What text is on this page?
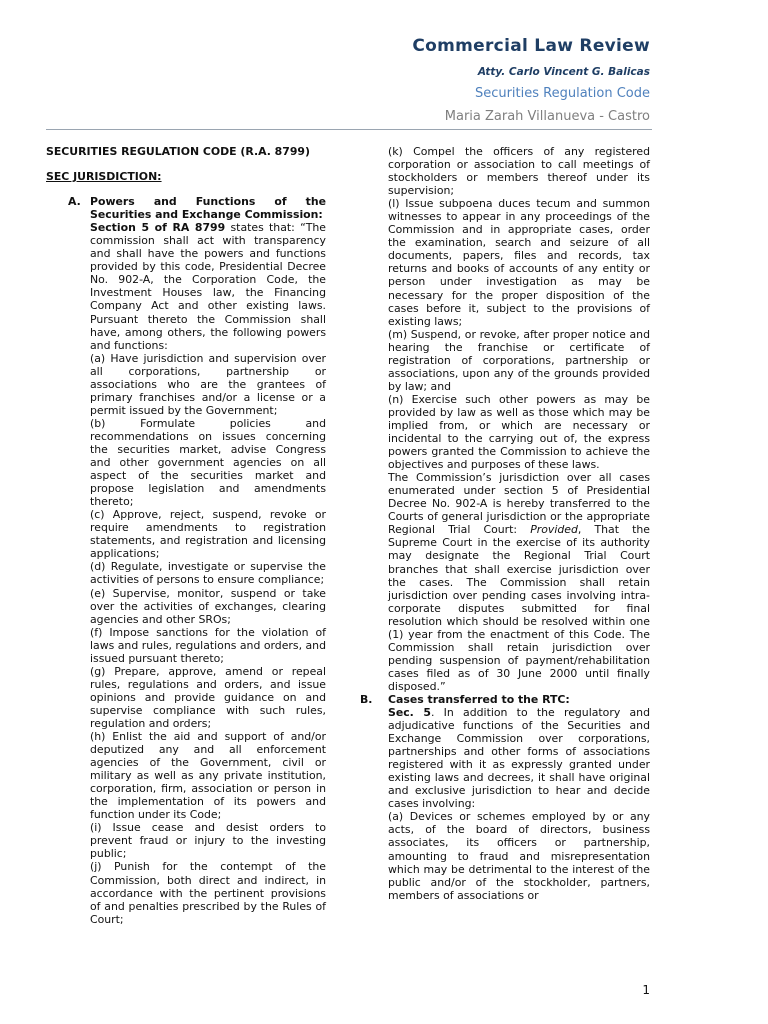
Commercial Law Review
Atty. Carlo Vincent G. Balicas
Securities Regulation Code
Maria Zarah Villanueva - Castro

SECURITIES REGULATION CODE (R.A. 8799)

SEC JURISDICTION:

A. Powers and Functions of the Securities and Exchange Commission:

Section 5 of RA 8799 states that: “The commission shall act with transparency and shall have the powers and functions provided by this code, Presidential Decree No. 902-A, the Corporation Code, the Investment Houses law, the Financing Company Act and other existing laws. Pursuant thereto the Commission shall have, among others, the following powers and functions:

(a) Have jurisdiction and supervision over all corporations, partnership or associations who are the grantees of primary franchises and/or a license or a permit issued by the Government;

(b) Formulate policies and recommendations on issues concerning the securities market, advise Congress and other government agencies on all aspect of the securities market and propose legislation and amendments thereto;

(c) Approve, reject, suspend, revoke or require amendments to registration statements, and registration and licensing applications;

(d) Regulate, investigate or supervise the activities of persons to ensure compliance;

(e) Supervise, monitor, suspend or take over the activities of exchanges, clearing agencies and other SROs;

(f) Impose sanctions for the violation of laws and rules, regulations and orders, and issued pursuant thereto;

(g) Prepare, approve, amend or repeal rules, regulations and orders, and issue opinions and provide guidance on and supervise compliance with such rules, regulation and orders;

(h) Enlist the aid and support of and/or deputized any and all enforcement agencies of the Government, civil or military as well as any private institution, corporation, firm, association or person in the implementation of its powers and function under its Code;

(i) Issue cease and desist orders to prevent fraud or injury to the investing public;

(j) Punish for the contempt of the Commission, both direct and indirect, in accordance with the pertinent provisions of and penalties prescribed by the Rules of Court;

(k) Compel the officers of any registered corporation or association to call meetings of stockholders or members thereof under its supervision;

(l) Issue subpoena duces tecum and summon witnesses to appear in any proceedings of the Commission and in appropriate cases, order the examination, search and seizure of all documents, papers, files and records, tax returns and books of accounts of any entity or person under investigation as may be necessary for the proper disposition of the cases before it, subject to the provisions of existing laws;

(m) Suspend, or revoke, after proper notice and hearing the franchise or certificate of registration of corporations, partnership or associations, upon any of the grounds provided by law; and

(n) Exercise such other powers as may be provided by law as well as those which may be implied from, or which are necessary or incidental to the carrying out of, the express powers granted the Commission to achieve the objectives and purposes of these laws.

The Commission’s jurisdiction over all cases enumerated under section 5 of Presidential Decree No. 902-A is hereby transferred to the Courts of general jurisdiction or the appropriate Regional Trial Court: Provided, That the Supreme Court in the exercise of its authority may designate the Regional Trial Court branches that shall exercise jurisdiction over the cases. The Commission shall retain jurisdiction over pending cases involving intra-corporate disputes submitted for final resolution which should be resolved within one (1) year from the enactment of this Code. The Commission shall retain jurisdiction over pending suspension of payment/rehabilitation cases filed as of 30 June 2000 until finally disposed.”

B.	Cases transferred to the RTC:

Sec. 5. In addition to the regulatory and adjudicative functions of the Securities and Exchange Commission over corporations, partnerships and other forms of associations registered with it as expressly granted under existing laws and decrees, it shall have original and exclusive jurisdiction to hear and decide cases involving:

(a) Devices or schemes employed by or any acts, of the board of directors, business associates, its officers or partnership, amounting to fraud and misrepresentation which may be detrimental to the interest of the public and/or of the stockholder, partners, members of associations or

1
